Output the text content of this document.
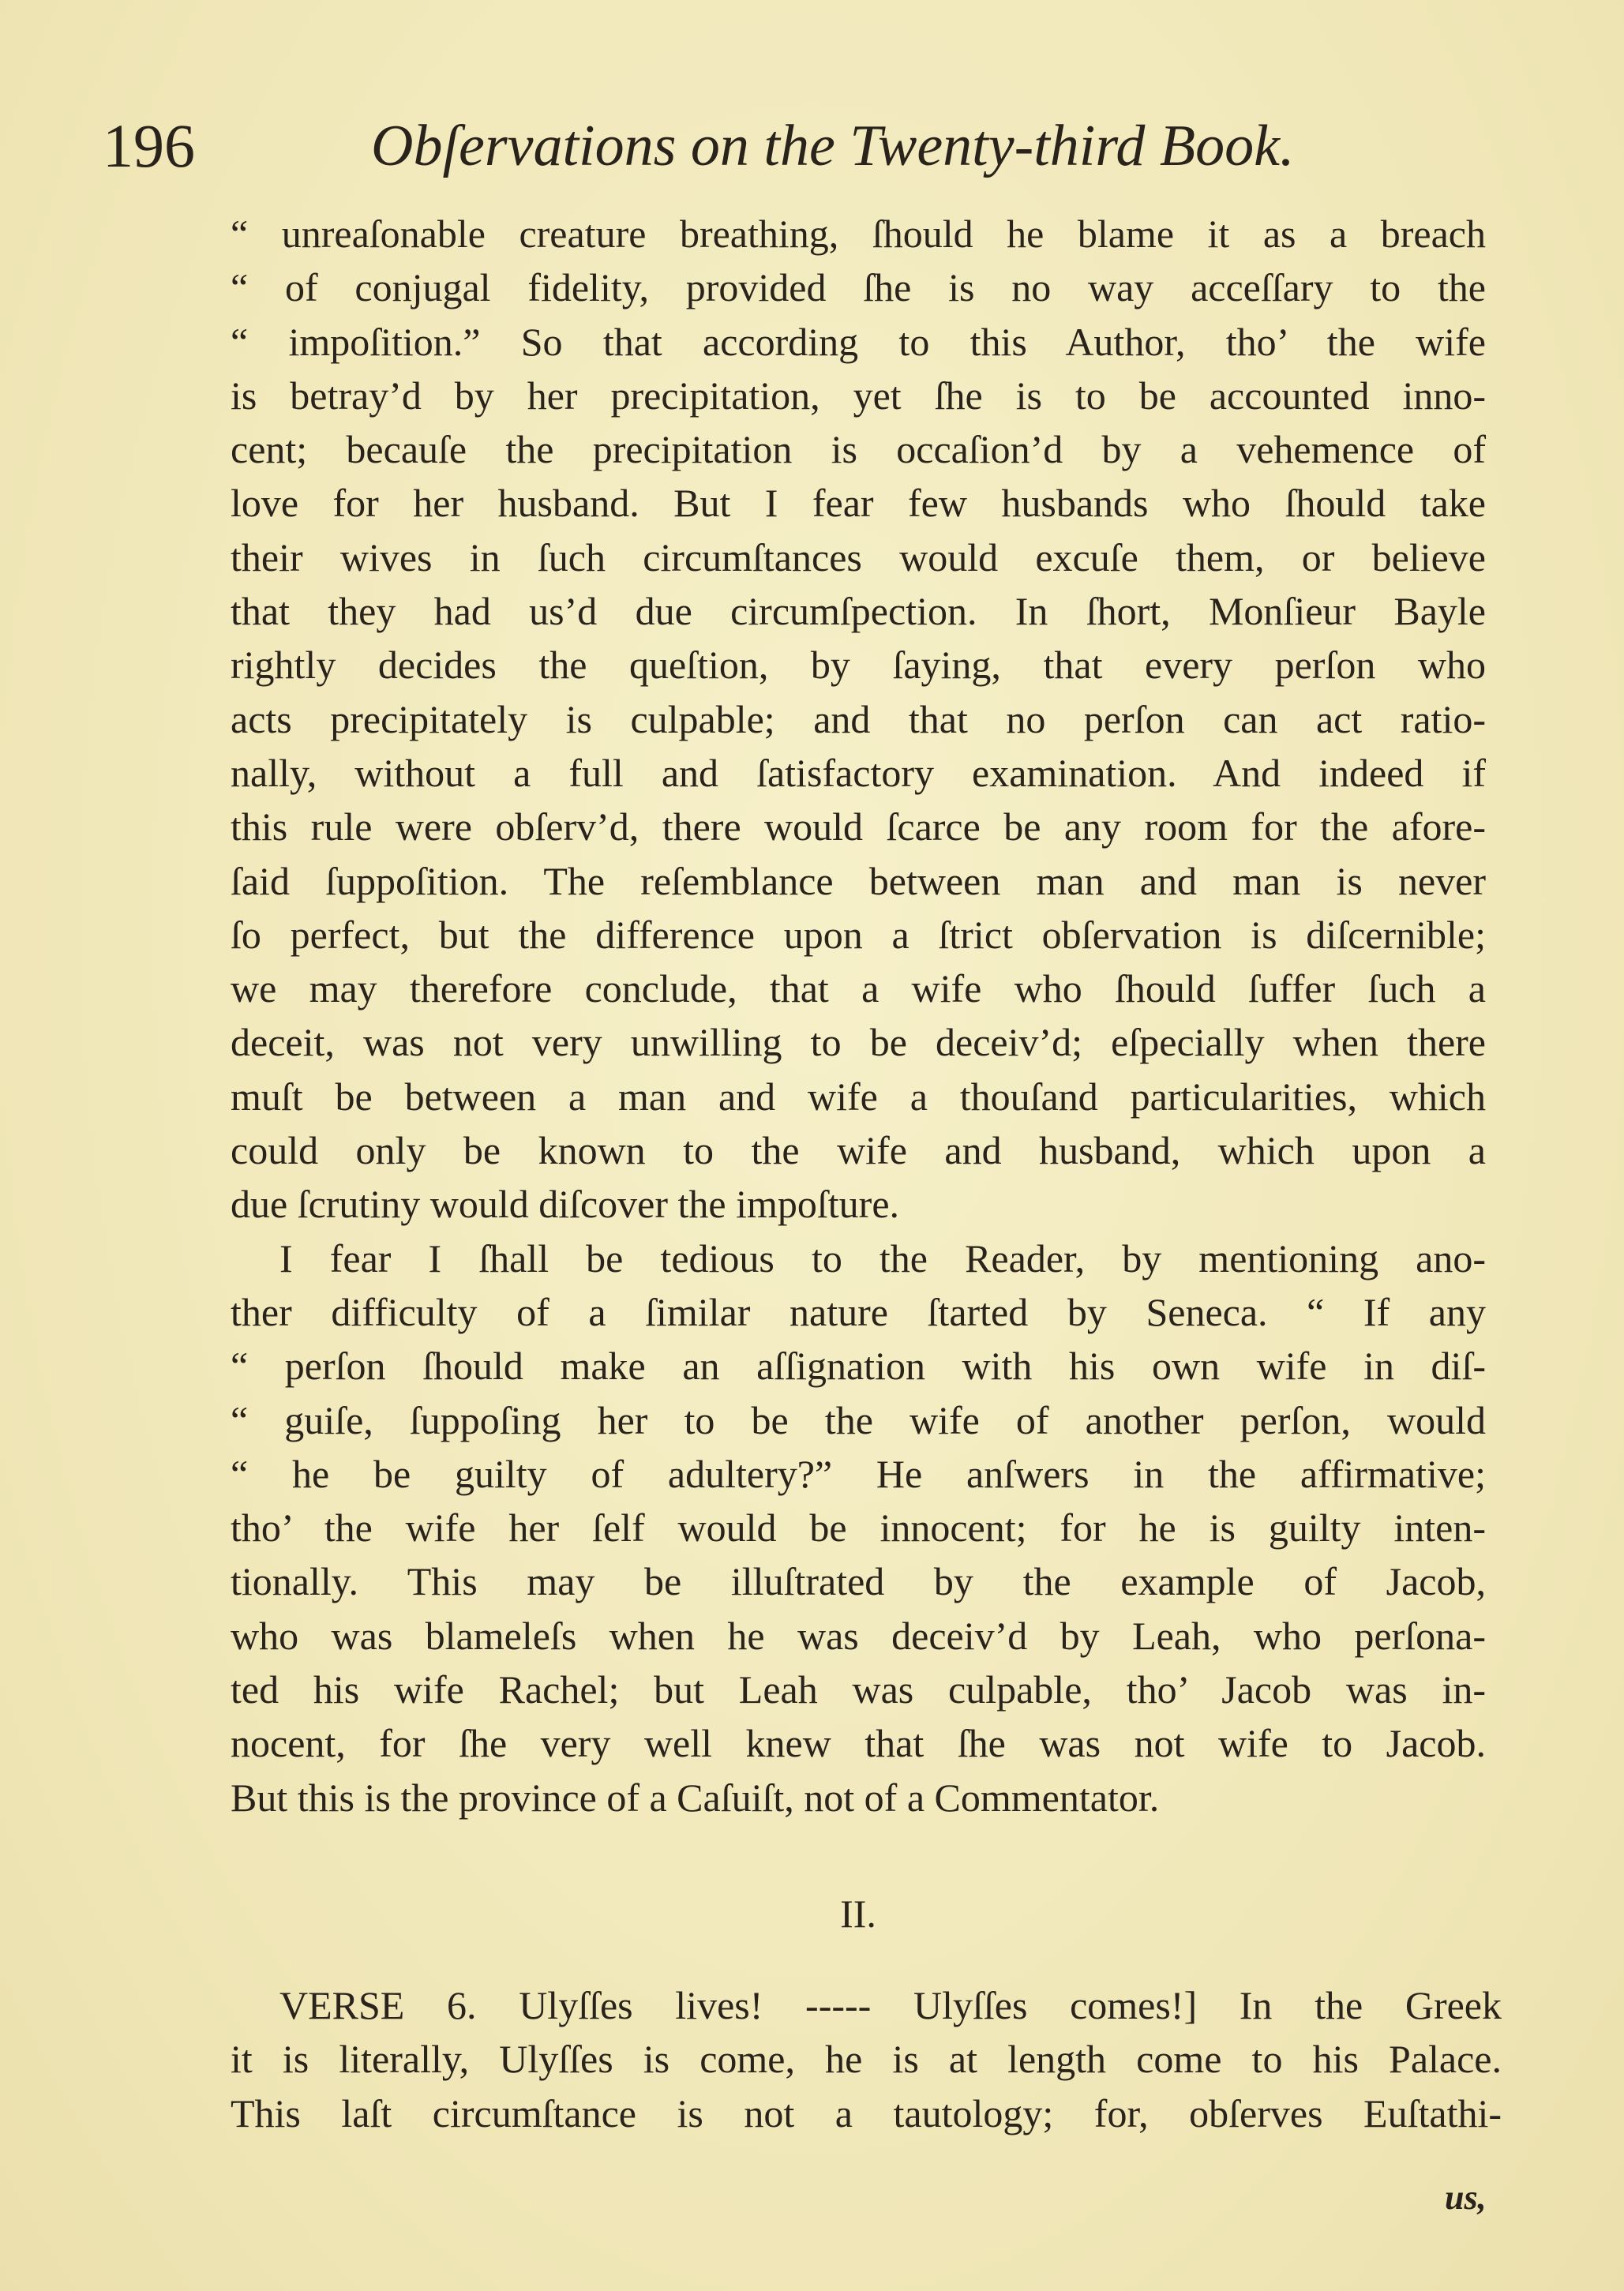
196	Obſervations on the Twenty-third Book.
“ unreaſonable creature breathing, ſhould he blame it as a breach
“ of conjugal fidelity, provided ſhe is no way acceſſary to the
“ impoſition.” So that according to this Author, tho’ the wife
is betray’d by her precipitation, yet ſhe is to be accounted inno-
cent; becauſe the precipitation is occaſion’d by a vehemence of
love for her husband. But I fear few husbands who ſhould take
their wives in ſuch circumſtances would excuſe them, or believe
that they had us’d due circumſpection. In ſhort, Monſieur Bayle
rightly decides the queſtion, by ſaying, that every perſon who
acts precipitately is culpable; and that no perſon can act ratio-
nally, without a full and ſatisfactory examination. And indeed if
this rule were obſerv’d, there would ſcarce be any room for the afore-
ſaid ſuppoſition. The reſemblance between man and man is never
ſo perfect, but the difference upon a ſtrict obſervation is diſcernible;
we may therefore conclude, that a wife who ſhould ſuffer ſuch a
deceit, was not very unwilling to be deceiv’d; eſpecially when there
muſt be between a man and wife a thouſand particularities, which
could only be known to the wife and husband, which upon a
due ſcrutiny would diſcover the impoſture.
I fear I ſhall be tedious to the Reader, by mentioning ano-
ther difficulty of a ſimilar nature ſtarted by Seneca. “ If any
“ perſon ſhould make an aſſignation with his own wife in diſ-
“ guiſe, ſuppoſing her to be the wife of another perſon, would
“ he be guilty of adultery?” He anſwers in the affirmative;
tho’ the wife her ſelf would be innocent; for he is guilty inten-
tionally. This may be illuſtrated by the example of Jacob,
who was blameleſs when he was deceiv’d by Leah, who perſona-
ted his wife Rachel; but Leah was culpable, tho’ Jacob was in-
nocent, for ſhe very well knew that ſhe was not wife to Jacob.
But this is the province of a Caſuiſt, not of a Commentator.
II.
VERSE 6. Ulyſſes lives! ----- Ulyſſes comes!] In the Greek
it is literally, Ulyſſes is come, he is at length come to his Palace.
This laſt circumſtance is not a tautology; for, obſerves Euſtathi-
us,
